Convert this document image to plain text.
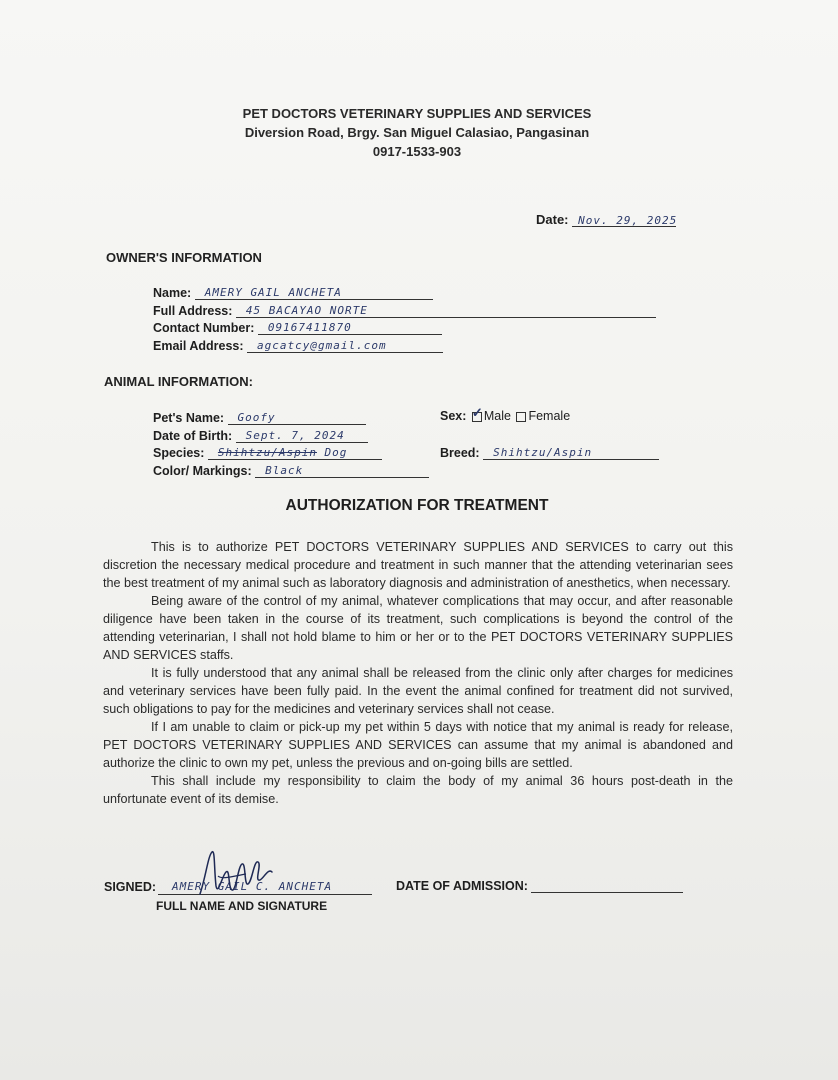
PET DOCTORS VETERINARY SUPPLIES AND SERVICES
Diversion Road, Brgy. San Miguel Calasiao, Pangasinan
0917-1533-903
Date: Nov. 29, 2025
OWNER'S INFORMATION
Name: AMERY GAIL ANCHETA
Full Address: 45 BACAYAO NORTE
Contact Number: 09167411870
Email Address: agcatcy@gmail.com
ANIMAL INFORMATION:
Pet's Name: Goofy
Date of Birth: Sept. 7, 2024
Species: Shihtzu/Aspin Dog
Color/ Markings: Black
Sex: ✓ Male Female
Breed: Shihtzu/Aspin
AUTHORIZATION FOR TREATMENT

This is to authorize PET DOCTORS VETERINARY SUPPLIES AND SERVICES to carry out this discretion the necessary medical procedure and treatment in such manner that the attending veterinarian sees the best treatment of my animal such as laboratory diagnosis and administration of anesthetics, when necessary.

Being aware of the control of my animal, whatever complications that may occur, and after reasonable diligence have been taken in the course of its treatment, such complications is beyond the control of the attending veterinarian, I shall not hold blame to him or her or to the PET DOCTORS VETERINARY SUPPLIES AND SERVICES staffs.

It is fully understood that any animal shall be released from the clinic only after charges for medicines and veterinary services have been fully paid. In the event the animal confined for treatment did not survived, such obligations to pay for the medicines and veterinary services shall not cease.

If I am unable to claim or pick-up my pet within 5 days with notice that my animal is ready for release, PET DOCTORS VETERINARY SUPPLIES AND SERVICES can assume that my animal is abandoned and authorize the clinic to own my pet, unless the previous and on-going bills are settled.

This shall include my responsibility to claim the body of my animal 36 hours post-death in the unfortunate event of its demise.

SIGNED: AMERY GAIL C. ANCHETA
FULL NAME AND SIGNATURE
DATE OF ADMISSION:
